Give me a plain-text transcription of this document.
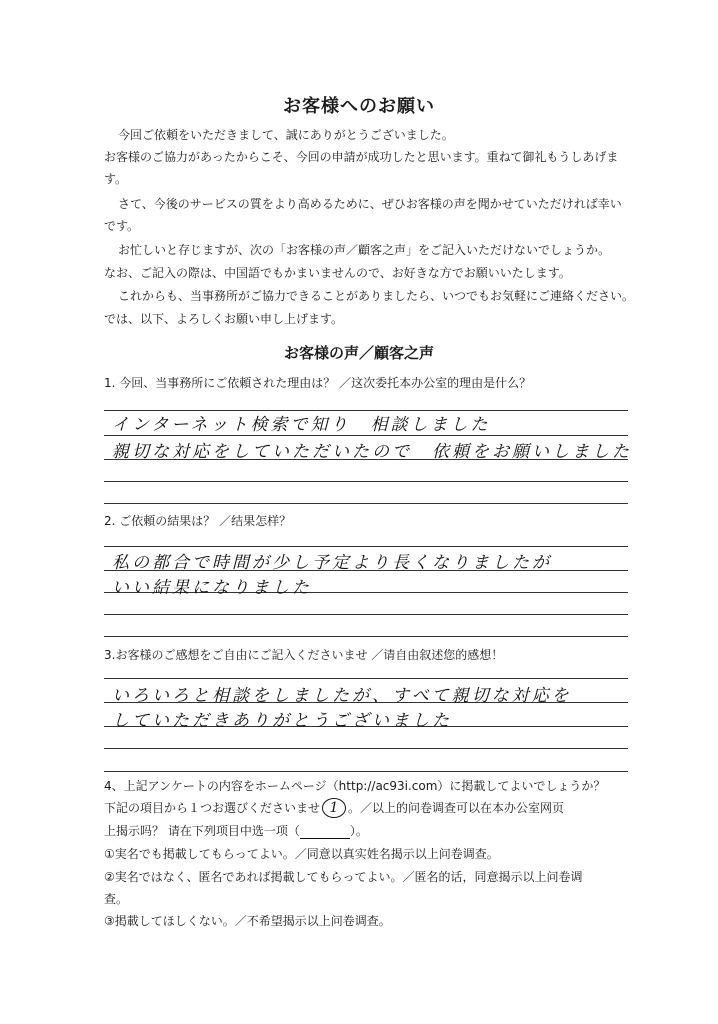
お客様へのお願い
今回ご依頼をいただきまして、誠にありがとうございました。
お客様のご協力があったからこそ、今回の申請が成功したと思います。重ねて御礼もうしあげま
す。
さて、今後のサービスの質をより高めるために、ぜひお客様の声を聞かせていただければ幸い
です。
お忙しいと存じますが、次の「お客様の声／顧客之声」をご記入いただけないでしょうか。
なお、ご記入の際は、中国語でもかまいませんので、お好きな方でお願いいたします。
これからも、当事務所がご協力できることがありましたら、いつでもお気軽にご連絡ください。
では、以下、よろしくお願い申し上げます。
お客様の声／顧客之声
1. 今回、当事務所にご依頼された理由は？ ／这次委托本办公室的理由是什么？
インターネット検索で知り　相談しました
親切な対応をしていただいたので　依頼をお願いしました
2. ご依頼の結果は？ ／结果怎样？
私の都合で時間が少し予定より長くなりましたが
いい結果になりました
3.お客様のご感想をご自由にご記入くださいませ ／请自由叙述您的感想！
いろいろと相談をしましたが、すべて親切な対応を
していただきありがとうございました
4、上記アンケートの内容をホームページ（http://ac93i.com）に掲載してよいでしょうか？
下記の項目から１つお選びくださいませ 1 。／以上的问卷调查可以在本办公室网页
上揭示吗？ 请在下列项目中选一项（	）。
①実名でも掲載してもらってよい。／同意以真实姓名揭示以上问卷调查。
②実名ではなく、匿名であれば掲載してもらってよい。／匿名的话，同意揭示以上问卷调
查。
③掲載してほしくない。／不希望揭示以上问卷调查。
